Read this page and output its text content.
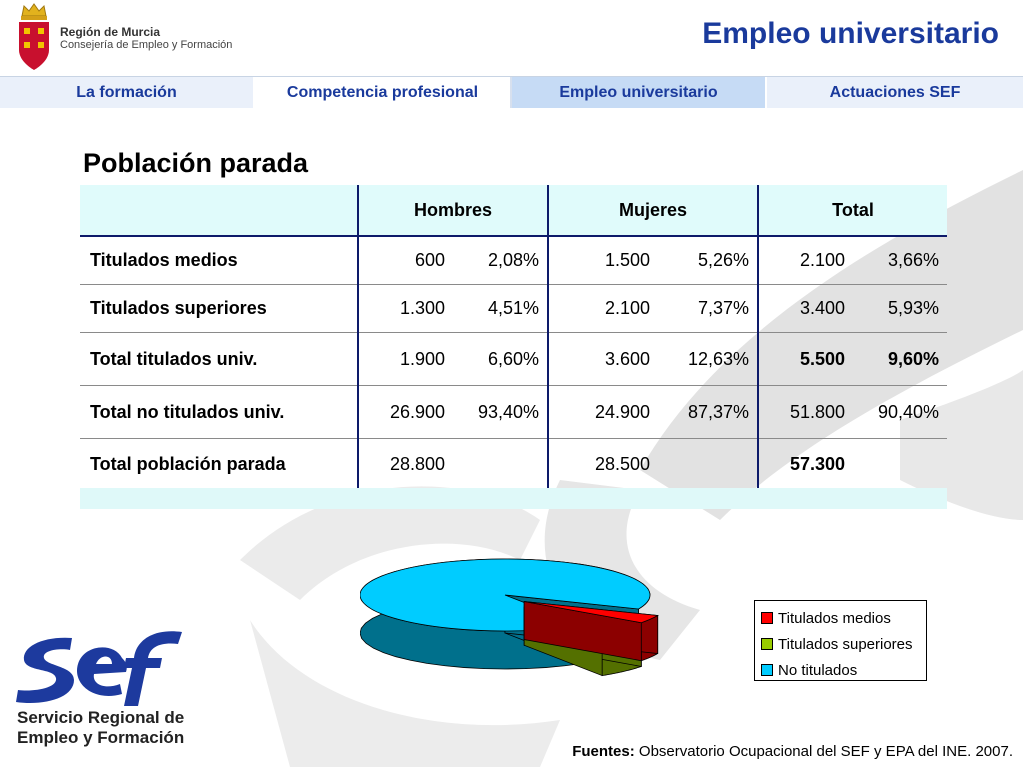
Región de Murcia
Consejería de Empleo y Formación	Empleo universitario
La formación	Competencia profesional	Empleo universitario	Actuaciones SEF
Población parada
	Hombres		Mujeres		Total	
Titulados medios	600	2,08%	1.500	5,26%	2.100	3,66%
Titulados superiores	1.300	4,51%	2.100	7,37%	3.400	5,93%
Total titulados univ.	1.900	6,60%	3.600	12,63%	5.500	9,60%
Total no titulados univ.	26.900	93,40%	24.900	87,37%	51.800	90,40%
Total población parada	28.800		28.500		57.300	
Titulados medios
Titulados superiores
No titulados
Servicio Regional de
Empleo y Formación
Fuentes: Observatorio Ocupacional del SEF y EPA del INE. 2007.
